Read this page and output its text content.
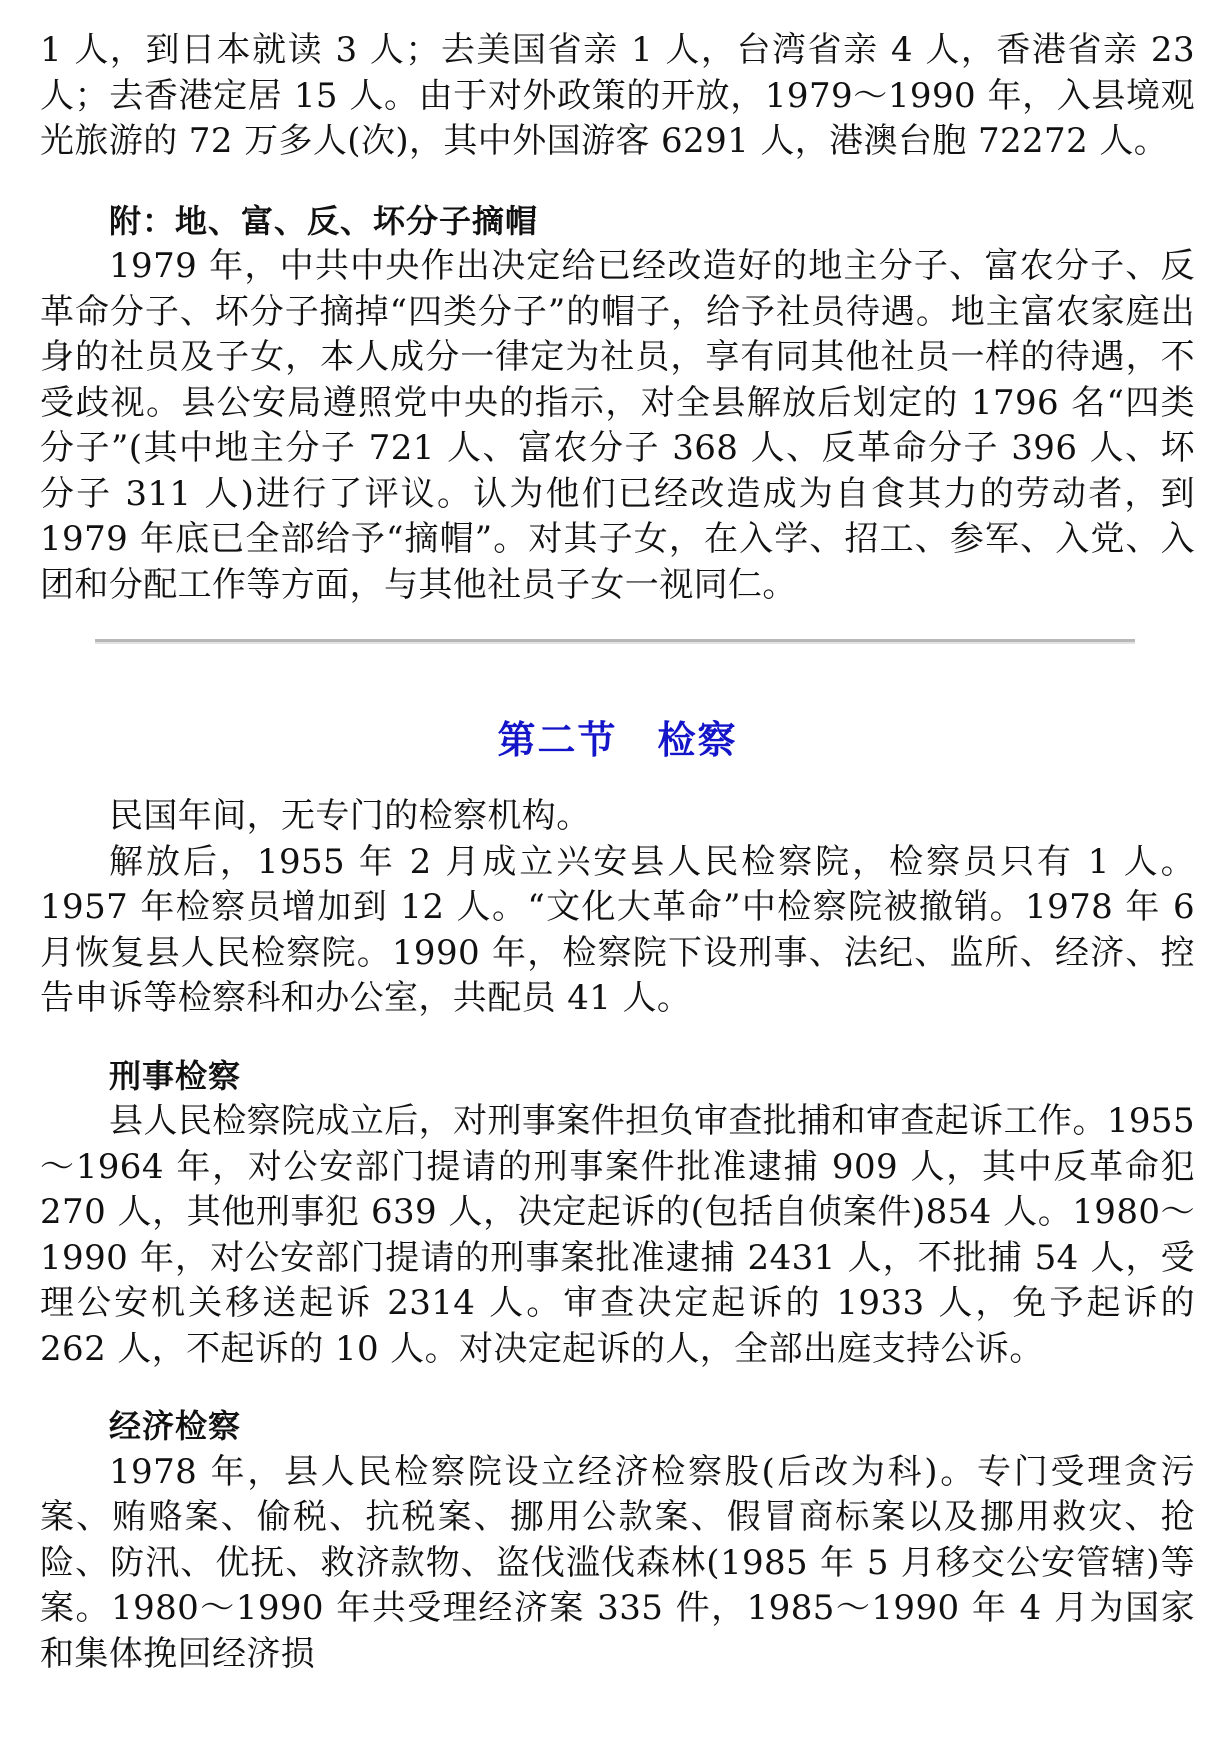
1 人，到日本就读 3 人；去美国省亲 1 人，台湾省亲 4 人，香港省亲 23 人；去香港定居 15 人。由于对外政策的开放，1979～1990 年，入县境观光旅游的 72 万多人(次)，其中外国游客 6291 人，港澳台胞 72272 人。

附：地、富、反、坏分子摘帽

1979 年，中共中央作出决定给已经改造好的地主分子、富农分子、反革命分子、坏分子摘掉“四类分子”的帽子，给予社员待遇。地主富农家庭出身的社员及子女，本人成分一律定为社员，享有同其他社员一样的待遇，不受歧视。县公安局遵照党中央的指示，对全县解放后划定的 1796 名“四类分子”(其中地主分子 721 人、富农分子 368 人、反革命分子 396 人、坏分子 311 人)进行了评议。认为他们已经改造成为自食其力的劳动者，到 1979 年底已全部给予“摘帽”。对其子女，在入学、招工、参军、入党、入团和分配工作等方面，与其他社员子女一视同仁。

第二节　检察

民国年间，无专门的检察机构。

解放后，1955 年 2 月成立兴安县人民检察院，检察员只有 1 人。1957 年检察员增加到 12 人。“文化大革命”中检察院被撤销。1978 年 6 月恢复县人民检察院。1990 年，检察院下设刑事、法纪、监所、经济、控告申诉等检察科和办公室，共配员 41 人。

刑事检察

县人民检察院成立后，对刑事案件担负审查批捕和审查起诉工作。1955～1964 年，对公安部门提请的刑事案件批准逮捕 909 人，其中反革命犯 270 人，其他刑事犯 639 人，决定起诉的(包括自侦案件)854 人。1980～1990 年，对公安部门提请的刑事案批准逮捕 2431 人，不批捕 54 人，受理公安机关移送起诉 2314 人。审查决定起诉的 1933 人，免予起诉的 262 人，不起诉的 10 人。对决定起诉的人，全部出庭支持公诉。

经济检察

1978 年，县人民检察院设立经济检察股(后改为科)。专门受理贪污案、贿赂案、偷税、抗税案、挪用公款案、假冒商标案以及挪用救灾、抢险、防汛、优抚、救济款物、盗伐滥伐森林(1985 年 5 月移交公安管辖)等案。1980～1990 年共受理经济案 335 件，1985～1990 年 4 月为国家和集体挽回经济损
